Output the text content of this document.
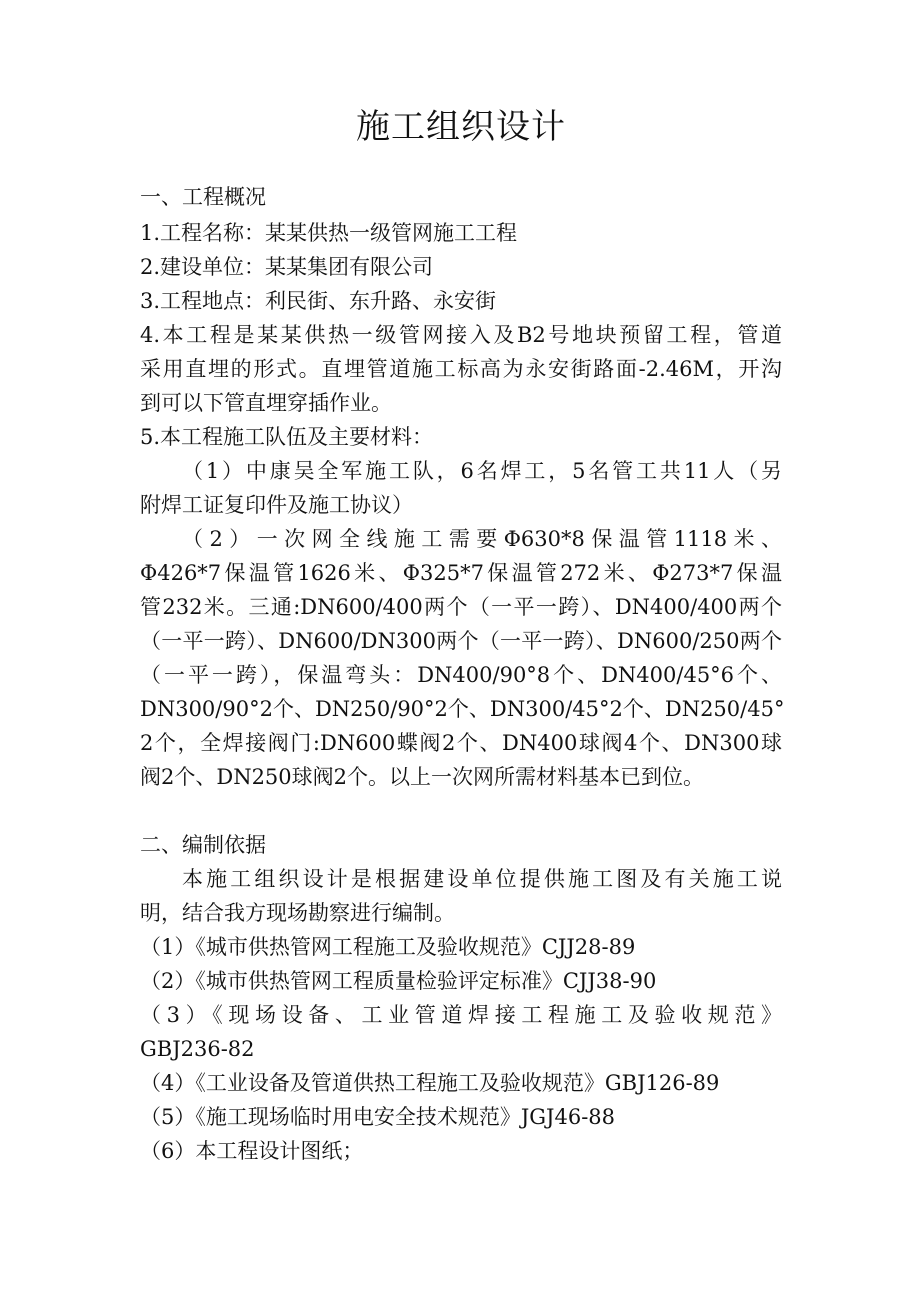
施工组织设计
一、工程概况
1.工程名称：某某供热一级管网施工工程
2.建设单位：某某集团有限公司
3.工程地点：利民街、东升路、永安街
4.本工程是某某供热一级管网接入及B2号地块预留工程，管道
采用直埋的形式。直埋管道施工标高为永安街路面-2.46M，开沟
到可以下管直埋穿插作业。
5.本工程施工队伍及主要材料：
（1）中康吴全军施工队，6名焊工，5名管工共11人（另
附焊工证复印件及施工协议）
（2）一次网全线施工需要Φ630*8保温管1118米、
Φ426*7保温管1626米、Φ325*7保温管272米、Φ273*7保温
管232米。三通:DN600/400两个（一平一跨）、DN400/400两个
（一平一跨）、DN600/DN300两个（一平一跨）、DN600/250两个
（一平一跨），保温弯头：DN400/90°8个、DN400/45°6个、
DN300/90°2个、DN250/90°2个、DN300/45°2个、DN250/45°
2个，全焊接阀门:DN600蝶阀2个、DN400球阀4个、DN300球
阀2个、DN250球阀2个。以上一次网所需材料基本已到位。
二、编制依据
本施工组织设计是根据建设单位提供施工图及有关施工说
明，结合我方现场勘察进行编制。
（1）《城市供热管网工程施工及验收规范》CJJ28-89
（2）《城市供热管网工程质量检验评定标准》CJJ38-90
（3）《现场设备、工业管道焊接工程施工及验收规范》
GBJ236-82
（4）《工业设备及管道供热工程施工及验收规范》GBJ126-89
（5）《施工现场临时用电安全技术规范》JGJ46-88
（6）本工程设计图纸；
